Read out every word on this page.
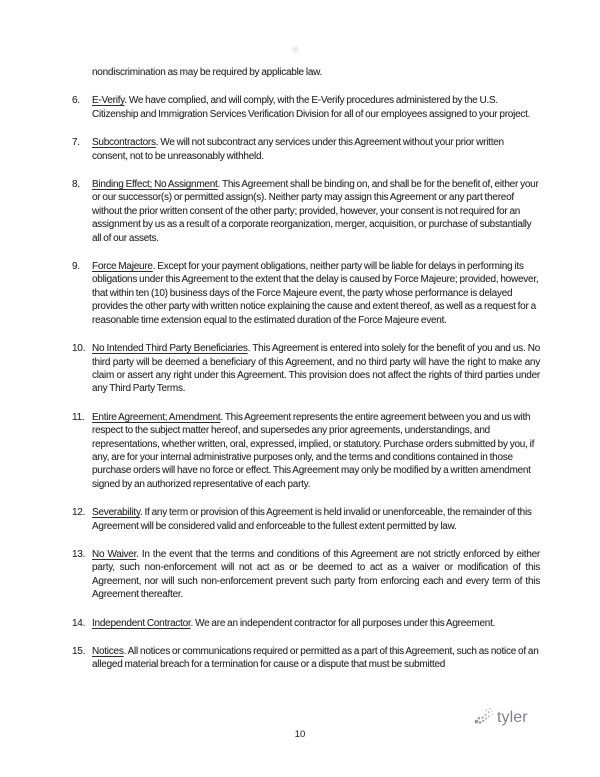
nondiscrimination as may be required by applicable law.

6.	E-Verify. We have complied, and will comply, with the E-Verify procedures administered by the U.S. Citizenship and Immigration Services Verification Division for all of our employees assigned to your project.
7.	Subcontractors. We will not subcontract any services under this Agreement without your prior written consent, not to be unreasonably withheld.
8.	Binding Effect; No Assignment. This Agreement shall be binding on, and shall be for the benefit of, either your or our successor(s) or permitted assign(s). Neither party may assign this Agreement or any part thereof without the prior written consent of the other party; provided, however, your consent is not required for an assignment by us as a result of a corporate reorganization, merger, acquisition, or purchase of substantially all of our assets.
9.	Force Majeure. Except for your payment obligations, neither party will be liable for delays in performing its obligations under this Agreement to the extent that the delay is caused by Force Majeure; provided, however, that within ten (10) business days of the Force Majeure event, the party whose performance is delayed provides the other party with written notice explaining the cause and extent thereof, as well as a request for a reasonable time extension equal to the estimated duration of the Force Majeure event.
10. No Intended Third Party Beneficiaries. This Agreement is entered into solely for the benefit of you and us. No third party will be deemed a beneficiary of this Agreement, and no third party will have the right to make any claim or assert any right under this Agreement. This provision does not affect the rights of third parties under any Third Party Terms.
11. Entire Agreement; Amendment. This Agreement represents the entire agreement between you and us with respect to the subject matter hereof, and supersedes any prior agreements, understandings, and representations, whether written, oral, expressed, implied, or statutory. Purchase orders submitted by you, if any, are for your internal administrative purposes only, and the terms and conditions contained in those purchase orders will have no force or effect. This Agreement may only be modified by a written amendment signed by an authorized representative of each party.
12. Severability. If any term or provision of this Agreement is held invalid or unenforceable, the remainder of this Agreement will be considered valid and enforceable to the fullest extent permitted by law.
13. No Waiver. In the event that the terms and conditions of this Agreement are not strictly enforced by either party, such non-enforcement will not act as or be deemed to act as a waiver or modification of this Agreement, nor will such non-enforcement prevent such party from enforcing each and every term of this Agreement thereafter.
14. Independent Contractor. We are an independent contractor for all purposes under this Agreement.
15. Notices. All notices or communications required or permitted as a part of this Agreement, such as notice of an alleged material breach for a termination for cause or a dispute that must be submitted
tyler
10
